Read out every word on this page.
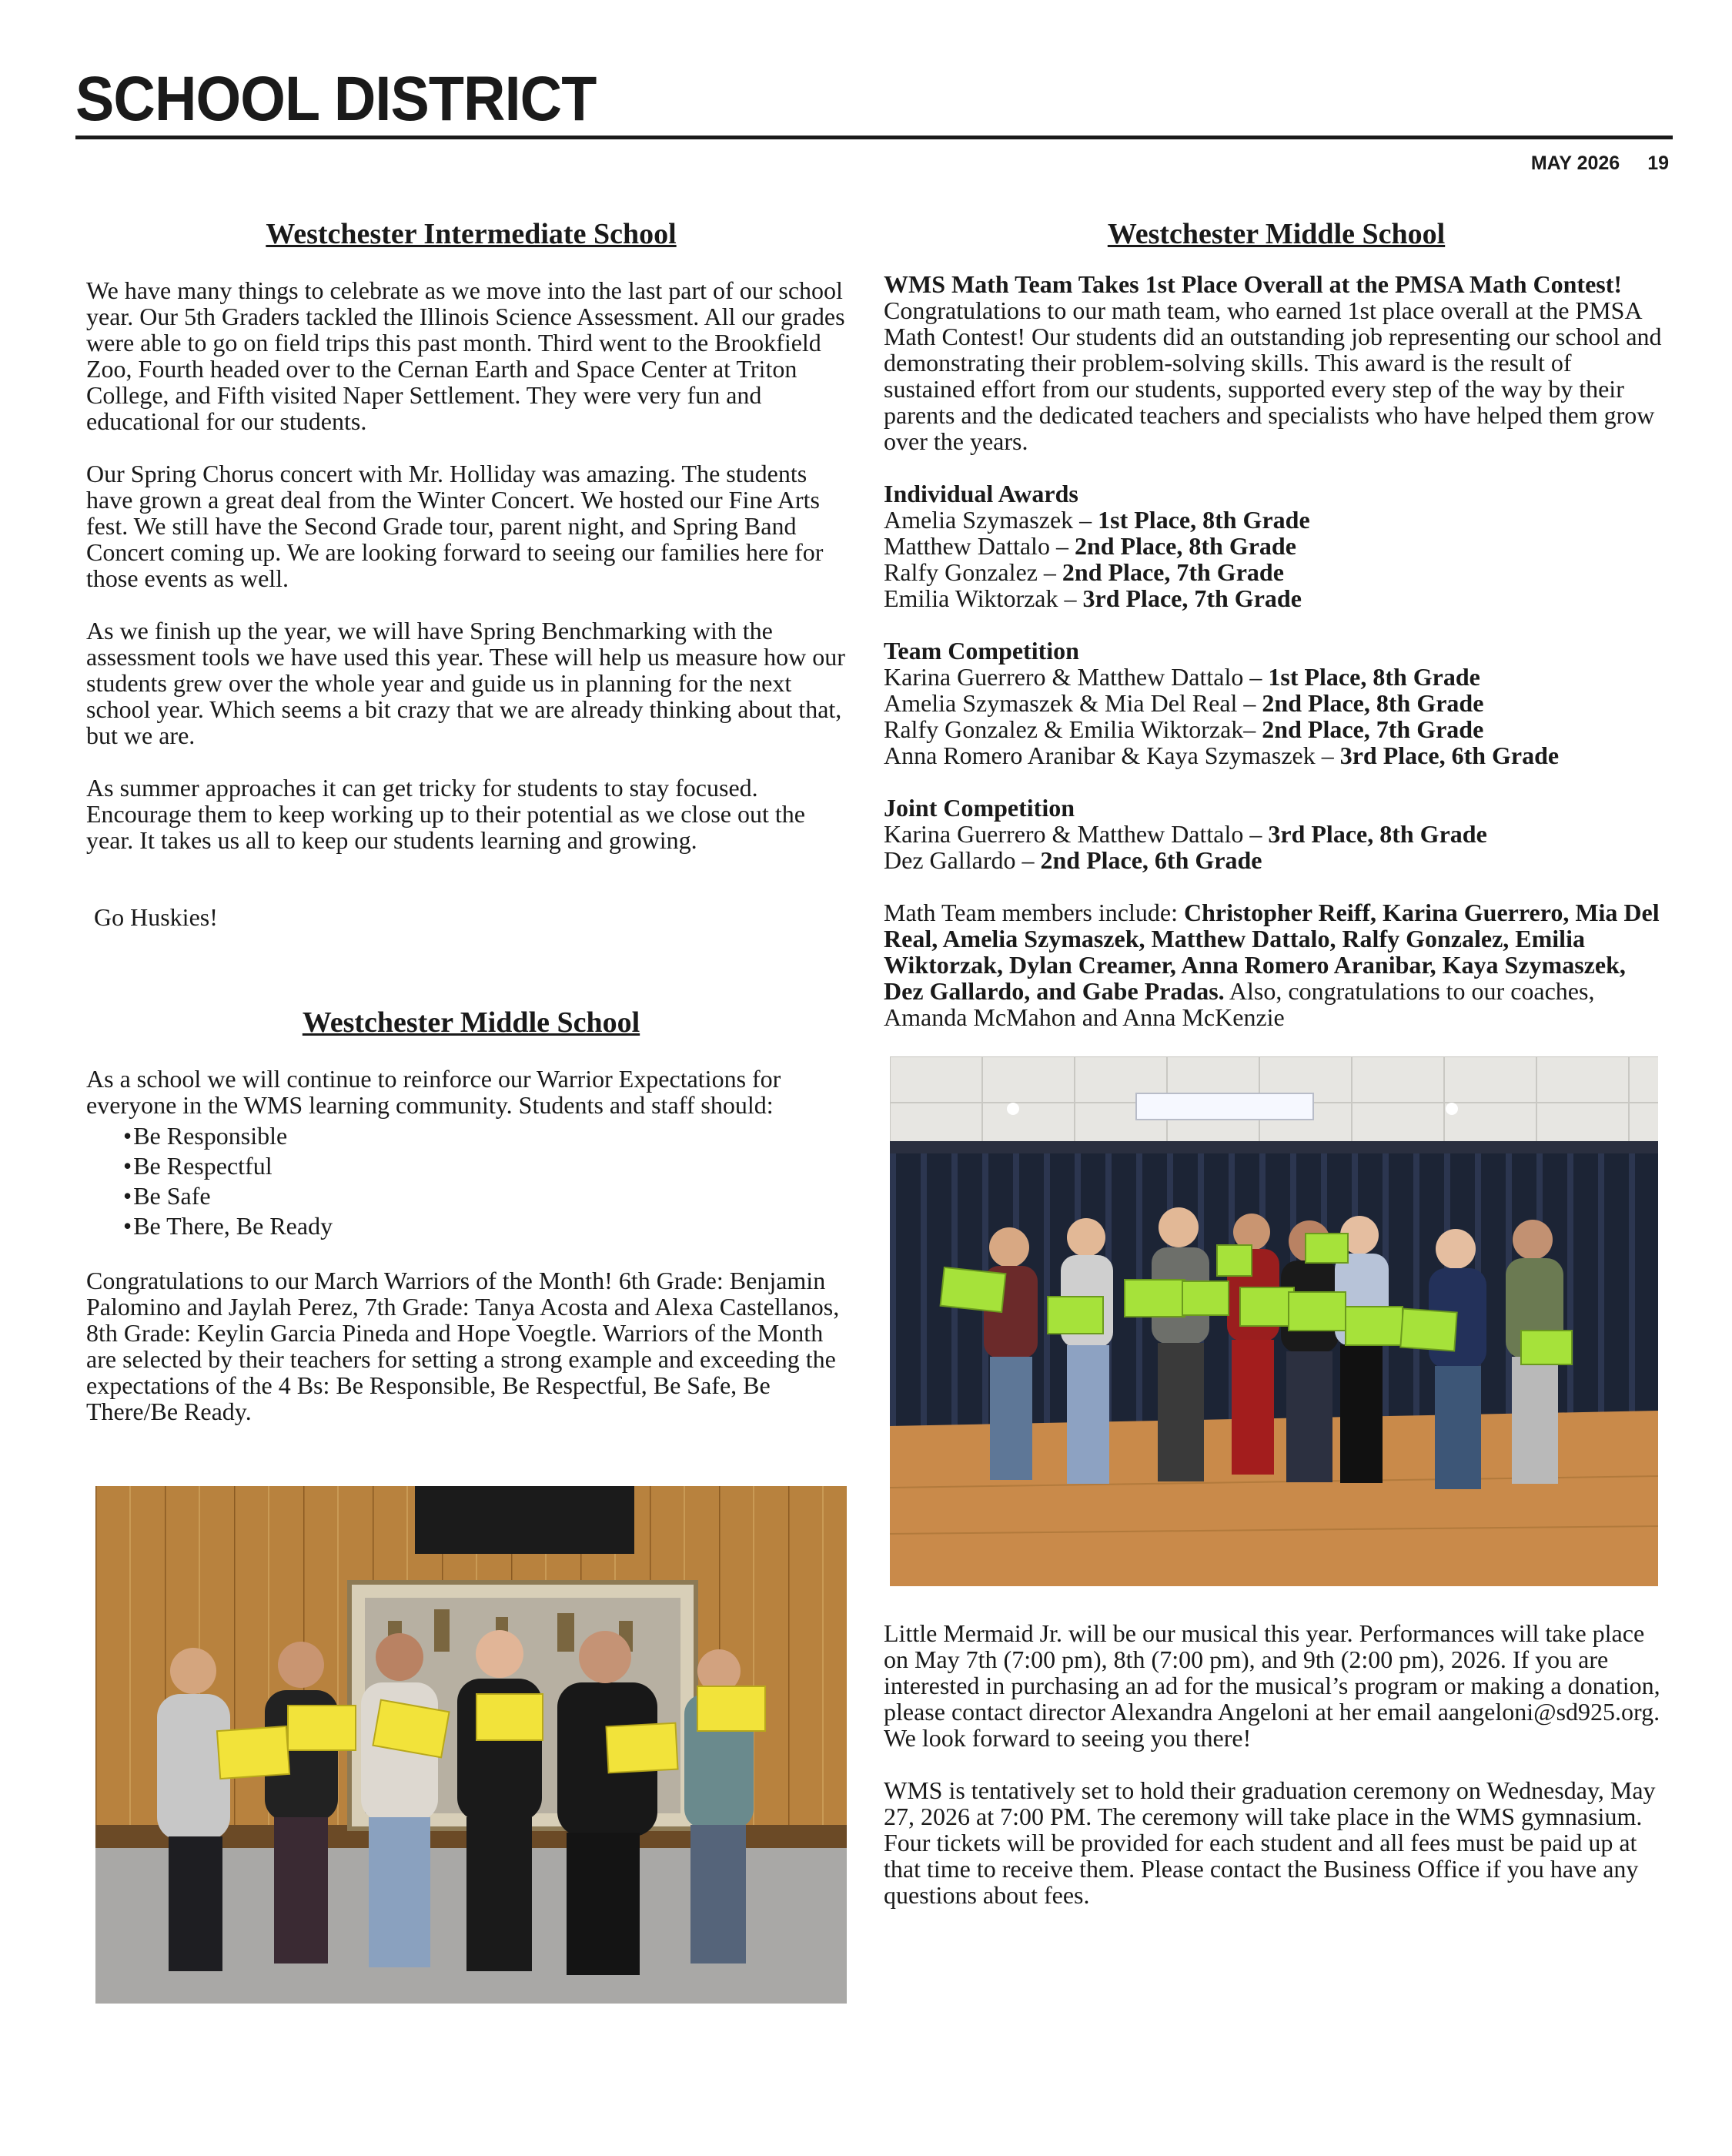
SCHOOL DISTRICT
MAY 2026 19
Westchester Intermediate School

We have many things to celebrate as we move into the last part of our school year. Our 5th Graders tackled the Illinois Science Assessment. All our grades were able to go on field trips this past month. Third went to the Brookfield Zoo, Fourth headed over to the Cernan Earth and Space Center at Triton College, and Fifth visited Naper Settlement. They were very fun and educational for our students.

Our Spring Chorus concert with Mr. Holliday was amazing. The students have grown a great deal from the Winter Concert. We hosted our Fine Arts fest. We still have the Second Grade tour, parent night, and Spring Band Concert coming up. We are looking forward to seeing our families here for those events as well.

As we finish up the year, we will have Spring Benchmarking with the assessment tools we have used this year. These will help us measure how our students grew over the whole year and guide us in planning for the next school year. Which seems a bit crazy that we are already thinking about that, but we are.

As summer approaches it can get tricky for students to stay focused. Encourage them to keep working up to their potential as we close out the year. It takes us all to keep our students learning and growing.

Go Huskies!

Westchester Middle School

As a school we will continue to reinforce our Warrior Expectations for everyone in the WMS learning community. Students and staff should:

• Be Responsible
• Be Respectful
• Be Safe
• Be There, Be Ready

Congratulations to our March Warriors of the Month! 6th Grade: Benjamin Palomino and Jaylah Perez, 7th Grade: Tanya Acosta and Alexa Castellanos, 8th Grade: Keylin Garcia Pineda and Hope Voegtle. Warriors of the Month are selected by their teachers for setting a strong example and exceeding the expectations of the 4 Bs: Be Responsible, Be Respectful, Be Safe, Be There/Be Ready.

Westchester Middle School

WMS Math Team Takes 1st Place Overall at the PMSA Math Contest! Congratulations to our math team, who earned 1st place overall at the PMSA Math Contest! Our students did an outstanding job representing our school and demonstrating their problem-solving skills. This award is the result of sustained effort from our students, supported every step of the way by their parents and the dedicated teachers and specialists who have helped them grow over the years.

Individual Awards
Amelia Szymaszek – 1st Place, 8th Grade
Matthew Dattalo – 2nd Place, 8th Grade
Ralfy Gonzalez – 2nd Place, 7th Grade
Emilia Wiktorzak – 3rd Place, 7th Grade

Team Competition
Karina Guerrero & Matthew Dattalo – 1st Place, 8th Grade
Amelia Szymaszek & Mia Del Real – 2nd Place, 8th Grade
Ralfy Gonzalez & Emilia Wiktorzak– 2nd Place, 7th Grade
Anna Romero Aranibar & Kaya Szymaszek – 3rd Place, 6th Grade

Joint Competition
Karina Guerrero & Matthew Dattalo – 3rd Place, 8th Grade
Dez Gallardo – 2nd Place, 6th Grade

Math Team members include: Christopher Reiff, Karina Guerrero, Mia Del Real, Amelia Szymaszek, Matthew Dattalo, Ralfy Gonzalez, Emilia Wiktorzak, Dylan Creamer, Anna Romero Aranibar, Kaya Szymaszek, Dez Gallardo, and Gabe Pradas. Also, congratulations to our coaches, Amanda McMahon and Anna McKenzie

Little Mermaid Jr. will be our musical this year. Performances will take place on May 7th (7:00 pm), 8th (7:00 pm), and 9th (2:00 pm), 2026. If you are interested in purchasing an ad for the musical’s program or making a donation, please contact director Alexandra Angeloni at her email aangeloni@sd925.org. We look forward to seeing you there!

WMS is tentatively set to hold their graduation ceremony on Wednesday, May 27, 2026 at 7:00 PM. The ceremony will take place in the WMS gymnasium. Four tickets will be provided for each student and all fees must be paid up at that time to receive them. Please contact the Business Office if you have any questions about fees.
